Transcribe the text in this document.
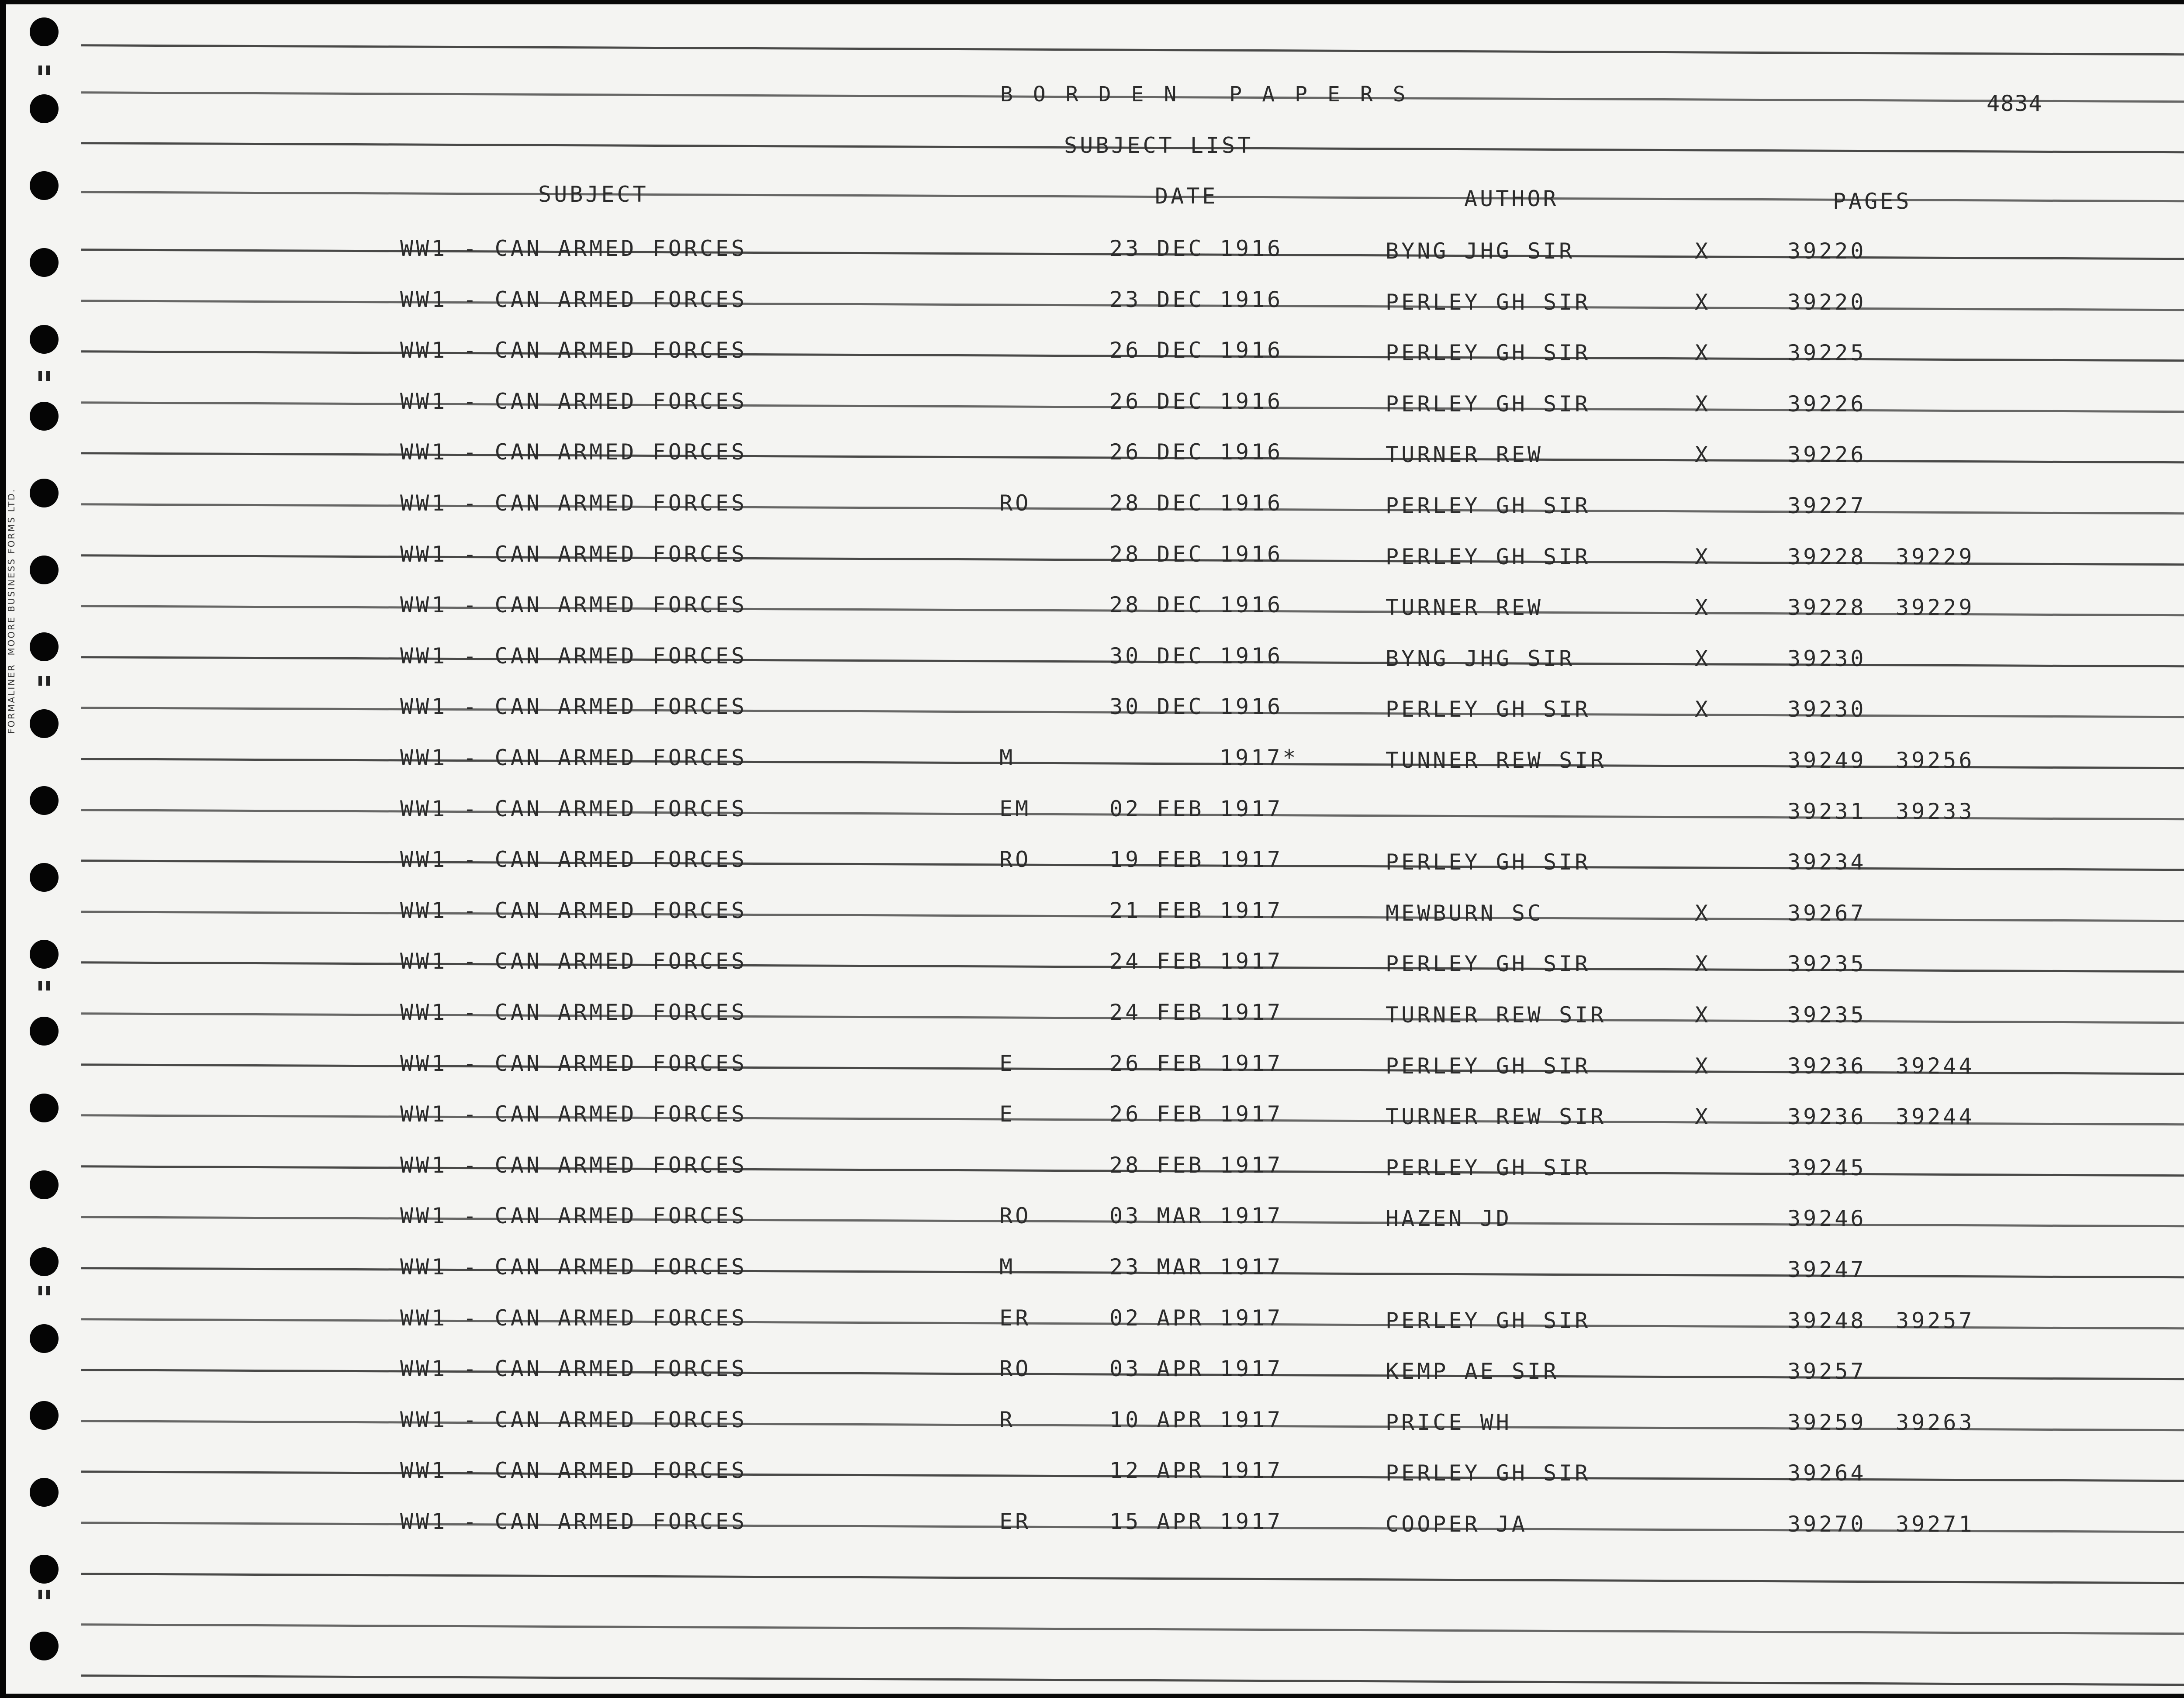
FORMALINER  MOORE BUSINESS FORMS LTD.
BORDEN PAPERS	4834
SUBJECT LIST
SUBJECT	DATE	AUTHOR	PAGES
WW1 - CAN ARMED FORCES	23 DEC 1916	BYNG JHG SIR	X	39220
WW1 - CAN ARMED FORCES	23 DEC 1916	PERLEY GH SIR	X	39220
WW1 - CAN ARMED FORCES	26 DEC 1916	PERLEY GH SIR	X	39225
WW1 - CAN ARMED FORCES	26 DEC 1916	PERLEY GH SIR	X	39226
WW1 - CAN ARMED FORCES	26 DEC 1916	TURNER REW	X	39226
WW1 - CAN ARMED FORCES	RO	28 DEC 1916	PERLEY GH SIR	39227
WW1 - CAN ARMED FORCES	28 DEC 1916	PERLEY GH SIR	X	39228 39229
WW1 - CAN ARMED FORCES	28 DEC 1916	TURNER REW	X	39228 39229
WW1 - CAN ARMED FORCES	30 DEC 1916	BYNG JHG SIR	X	39230
WW1 - CAN ARMED FORCES	30 DEC 1916	PERLEY GH SIR	X	39230
WW1 - CAN ARMED FORCES	M	1917*	TUNNER REW SIR	39249 39256
WW1 - CAN ARMED FORCES	EM	02 FEB 1917	39231 39233
WW1 - CAN ARMED FORCES	RO	19 FEB 1917	PERLEY GH SIR	39234
WW1 - CAN ARMED FORCES	21 FEB 1917	MEWBURN SC	X	39267
WW1 - CAN ARMED FORCES	24 FEB 1917	PERLEY GH SIR	X	39235
WW1 - CAN ARMED FORCES	24 FEB 1917	TURNER REW SIR	X	39235
WW1 - CAN ARMED FORCES	E	26 FEB 1917	PERLEY GH SIR	X	39236 39244
WW1 - CAN ARMED FORCES	E	26 FEB 1917	TURNER REW SIR	X	39236 39244
WW1 - CAN ARMED FORCES	28 FEB 1917	PERLEY GH SIR	39245
WW1 - CAN ARMED FORCES	RO	03 MAR 1917	HAZEN JD	39246
WW1 - CAN ARMED FORCES	M	23 MAR 1917	39247
WW1 - CAN ARMED FORCES	ER	02 APR 1917	PERLEY GH SIR	39248 39257
WW1 - CAN ARMED FORCES	RO	03 APR 1917	KEMP AE SIR	39257
WW1 - CAN ARMED FORCES	R	10 APR 1917	PRICE WH	39259 39263
WW1 - CAN ARMED FORCES	12 APR 1917	PERLEY GH SIR	39264
WW1 - CAN ARMED FORCES	ER	15 APR 1917	COOPER JA	39270 39271
